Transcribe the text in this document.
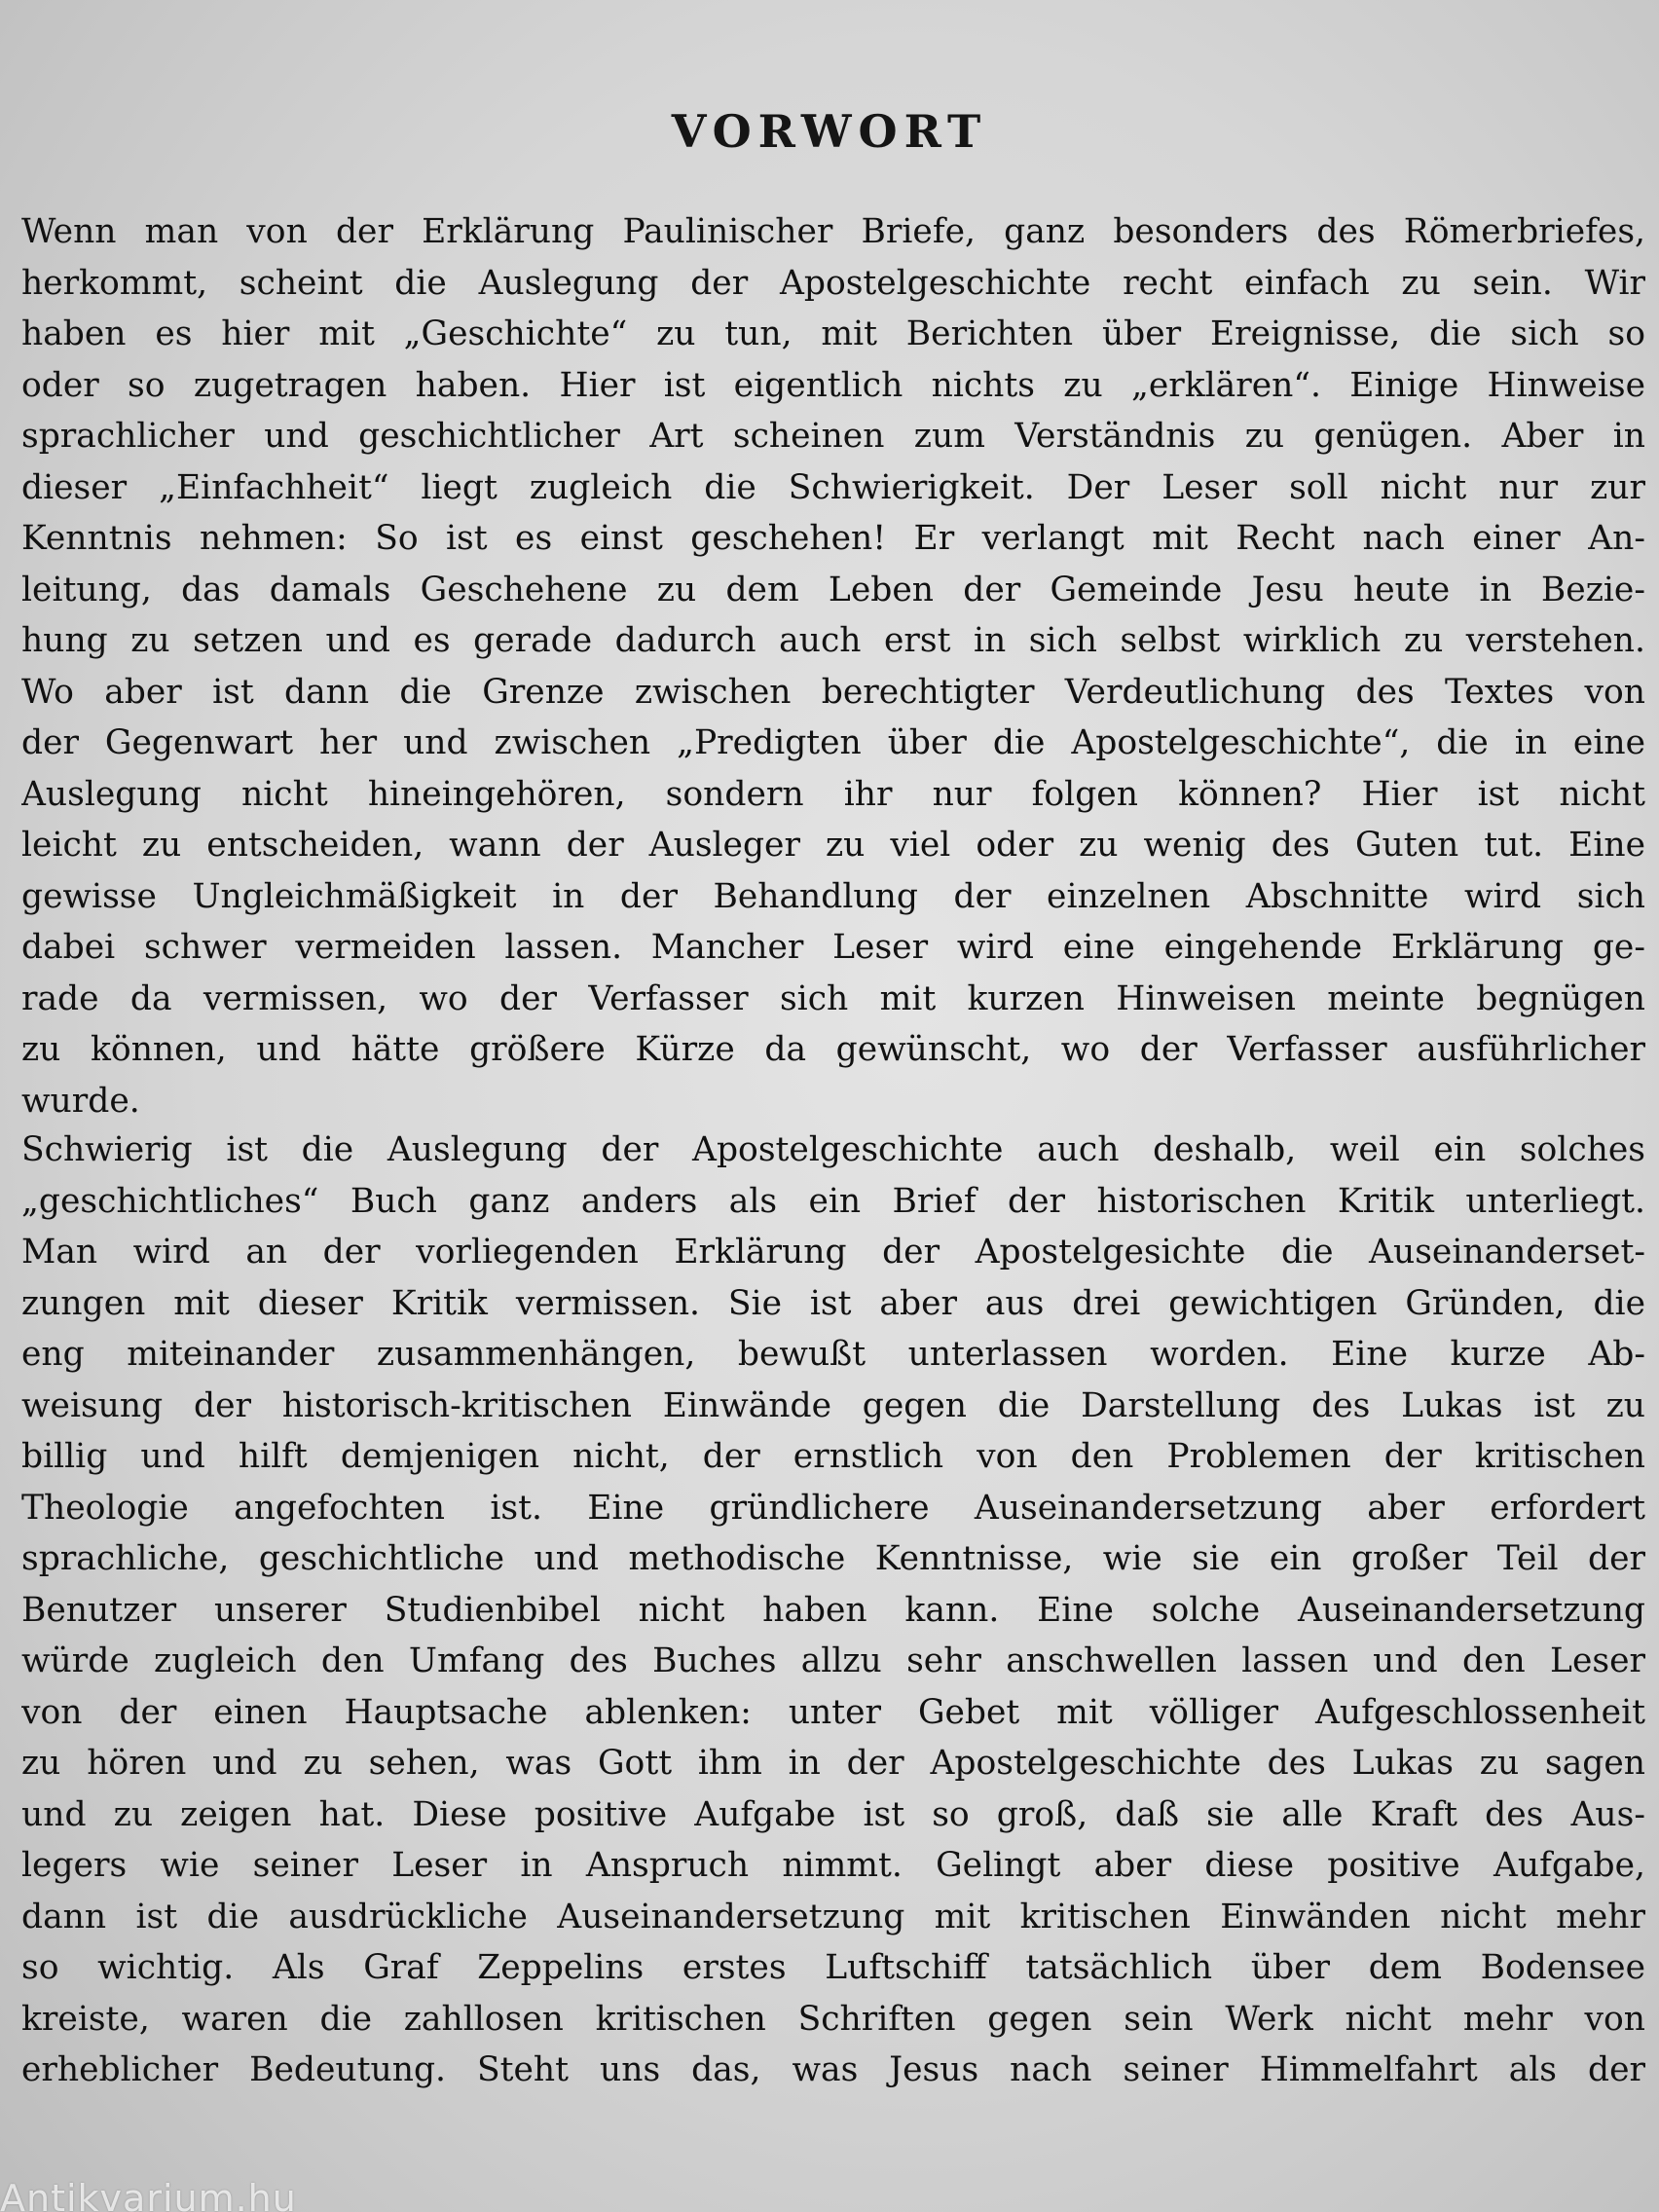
VORWORT
Wenn man von der Erklärung Paulinischer Briefe, ganz besonders des Römerbriefes,
herkommt, scheint die Auslegung der Apostelgeschichte recht einfach zu sein. Wir
haben es hier mit „Geschichte“ zu tun, mit Berichten über Ereignisse, die sich so
oder so zugetragen haben. Hier ist eigentlich nichts zu „erklären“. Einige Hinweise
sprachlicher und geschichtlicher Art scheinen zum Verständnis zu genügen. Aber in
dieser „Einfachheit“ liegt zugleich die Schwierigkeit. Der Leser soll nicht nur zur
Kenntnis nehmen: So ist es einst geschehen! Er verlangt mit Recht nach einer An-
leitung, das damals Geschehene zu dem Leben der Gemeinde Jesu heute in Bezie-
hung zu setzen und es gerade dadurch auch erst in sich selbst wirklich zu verstehen.
Wo aber ist dann die Grenze zwischen berechtigter Verdeutlichung des Textes von
der Gegenwart her und zwischen „Predigten über die Apostelgeschichte“, die in eine
Auslegung nicht hineingehören, sondern ihr nur folgen können? Hier ist nicht
leicht zu entscheiden, wann der Ausleger zu viel oder zu wenig des Guten tut. Eine
gewisse Ungleichmäßigkeit in der Behandlung der einzelnen Abschnitte wird sich
dabei schwer vermeiden lassen. Mancher Leser wird eine eingehende Erklärung ge-
rade da vermissen, wo der Verfasser sich mit kurzen Hinweisen meinte begnügen
zu können, und hätte größere Kürze da gewünscht, wo der Verfasser ausführlicher
wurde.
Schwierig ist die Auslegung der Apostelgeschichte auch deshalb, weil ein solches
„geschichtliches“ Buch ganz anders als ein Brief der historischen Kritik unterliegt.
Man wird an der vorliegenden Erklärung der Apostelgesichte die Auseinanderset-
zungen mit dieser Kritik vermissen. Sie ist aber aus drei gewichtigen Gründen, die
eng miteinander zusammenhängen, bewußt unterlassen worden. Eine kurze Ab-
weisung der historisch-kritischen Einwände gegen die Darstellung des Lukas ist zu
billig und hilft demjenigen nicht, der ernstlich von den Problemen der kritischen
Theologie angefochten ist. Eine gründlichere Auseinandersetzung aber erfordert
sprachliche, geschichtliche und methodische Kenntnisse, wie sie ein großer Teil der
Benutzer unserer Studienbibel nicht haben kann. Eine solche Auseinandersetzung
würde zugleich den Umfang des Buches allzu sehr anschwellen lassen und den Leser
von der einen Hauptsache ablenken: unter Gebet mit völliger Aufgeschlossenheit
zu hören und zu sehen, was Gott ihm in der Apostelgeschichte des Lukas zu sagen
und zu zeigen hat. Diese positive Aufgabe ist so groß, daß sie alle Kraft des Aus-
legers wie seiner Leser in Anspruch nimmt. Gelingt aber diese positive Aufgabe,
dann ist die ausdrückliche Auseinandersetzung mit kritischen Einwänden nicht mehr
so wichtig. Als Graf Zeppelins erstes Luftschiff tatsächlich über dem Bodensee
kreiste, waren die zahllosen kritischen Schriften gegen sein Werk nicht mehr von
erheblicher Bedeutung. Steht uns das, was Jesus nach seiner Himmelfahrt als der
Antikvarium.hu
